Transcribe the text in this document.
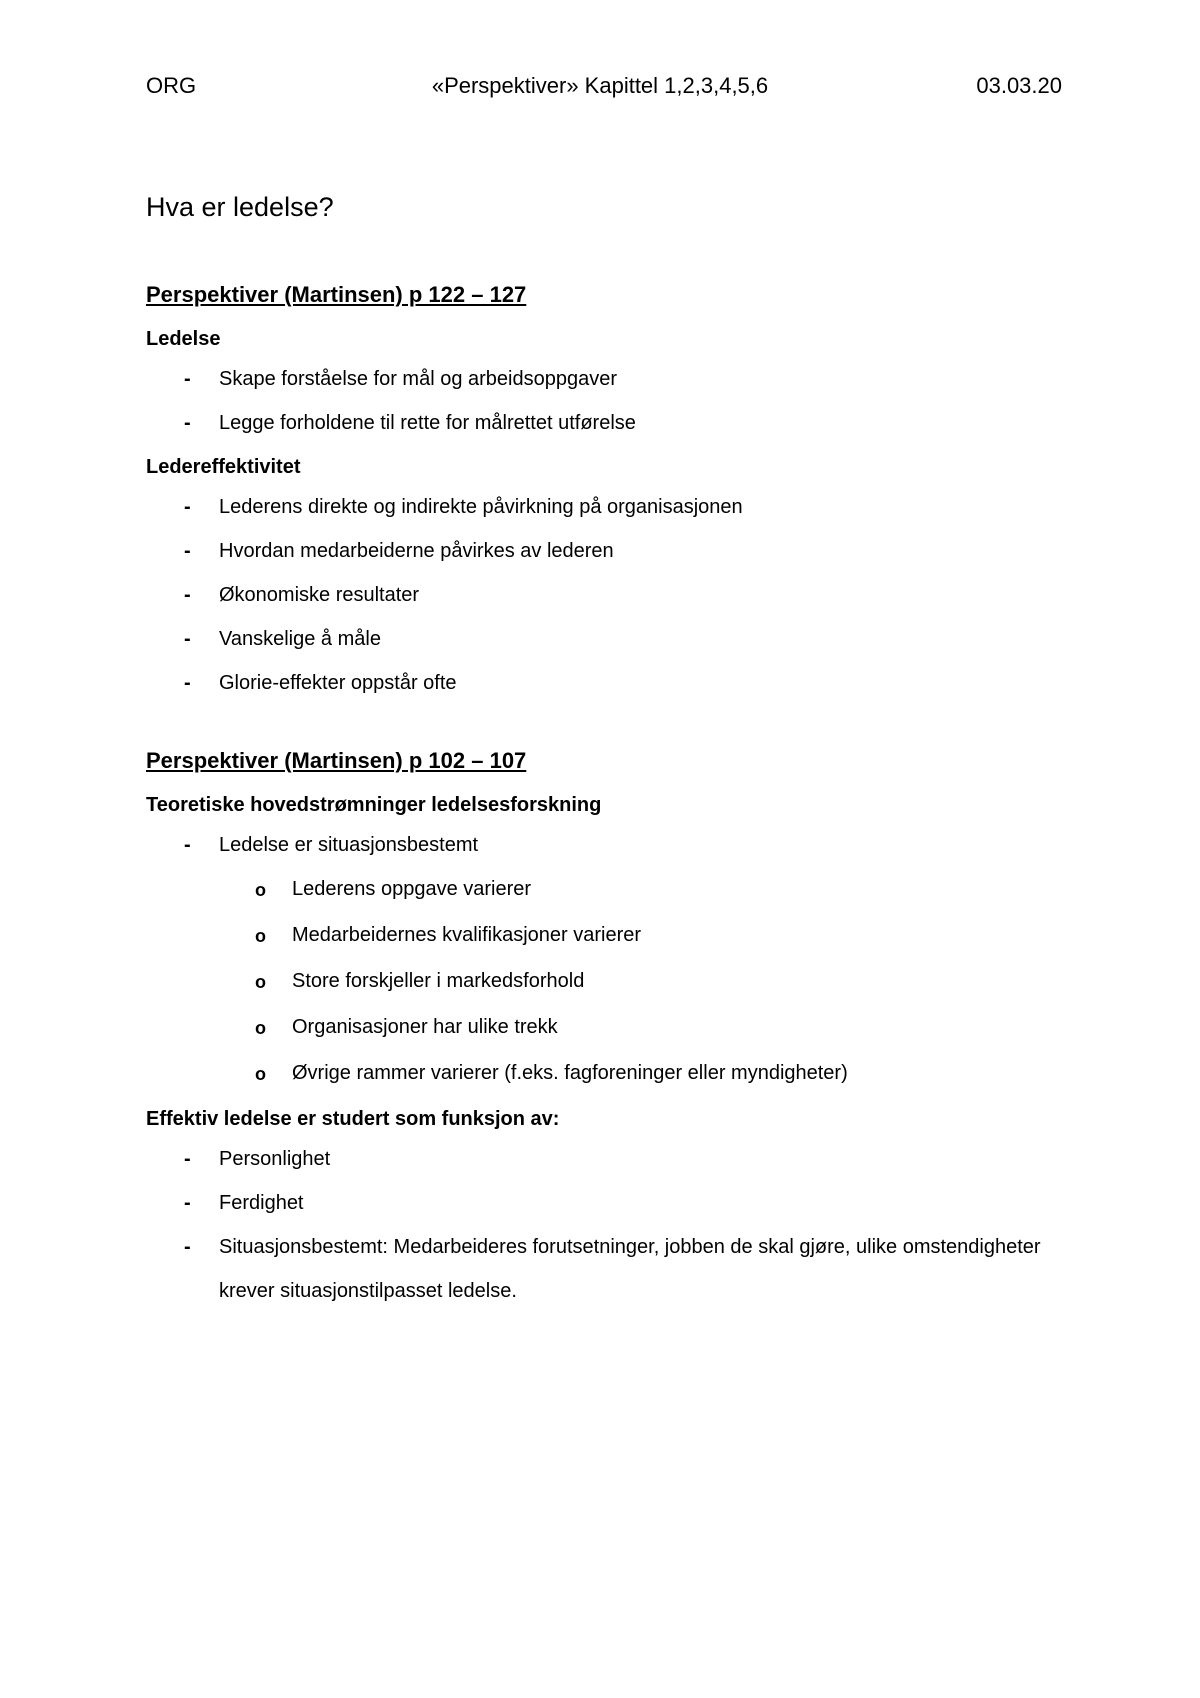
ORG	«Perspektiver» Kapittel 1,2,3,4,5,6	03.03.20
Hva er ledelse?
Perspektiver (Martinsen) p 122 – 127
Ledelse
- Skape forståelse for mål og arbeidsoppgaver
- Legge forholdene til rette for målrettet utførelse
Ledereffektivitet
- Lederens direkte og indirekte påvirkning på organisasjonen
- Hvordan medarbeiderne påvirkes av lederen
- Økonomiske resultater
- Vanskelige å måle
- Glorie-effekter oppstår ofte
Perspektiver (Martinsen) p 102 – 107
Teoretiske hovedstrømninger ledelsesforskning
- Ledelse er situasjonsbestemt
o Lederens oppgave varierer
o Medarbeidernes kvalifikasjoner varierer
o Store forskjeller i markedsforhold
o Organisasjoner har ulike trekk
o Øvrige rammer varierer (f.eks. fagforeninger eller myndigheter)
Effektiv ledelse er studert som funksjon av:
- Personlighet
- Ferdighet
- Situasjonsbestemt: Medarbeideres forutsetninger, jobben de skal gjøre, ulike omstendigheter krever situasjonstilpasset ledelse.
